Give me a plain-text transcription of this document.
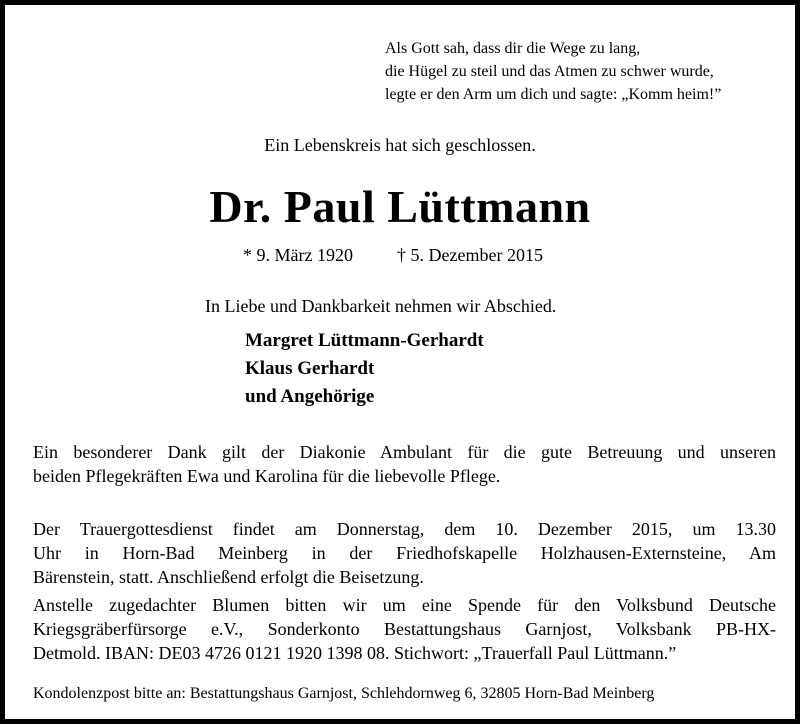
Als Gott sah, dass dir die Wege zu lang,
die Hügel zu steil und das Atmen zu schwer wurde,
legte er den Arm um dich und sagte: „Komm heim!”
Ein Lebenskreis hat sich geschlossen.
Dr. Paul Lüttmann
* 9. März 1920 † 5. Dezember 2015
In Liebe und Dankbarkeit nehmen wir Abschied.
Margret Lüttmann-Gerhardt
Klaus Gerhardt
und Angehörige
Ein besonderer Dank gilt der Diakonie Ambulant für die gute Betreuung und unseren
beiden Pflegekräften Ewa und Karolina für die liebevolle Pflege.
Der Trauergottesdienst findet am Donnerstag, dem 10. Dezember 2015, um 13.30
Uhr in Horn-Bad Meinberg in der Friedhofskapelle Holzhausen-Externsteine, Am
Bärenstein, statt. Anschließend erfolgt die Beisetzung.
Anstelle zugedachter Blumen bitten wir um eine Spende für den Volksbund Deutsche
Kriegsgräberfürsorge e.V., Sonderkonto Bestattungshaus Garnjost, Volksbank PB-HX-
Detmold. IBAN: DE03 4726 0121 1920 1398 08. Stichwort: „Trauerfall Paul Lüttmann.”
Kondolenzpost bitte an: Bestattungshaus Garnjost, Schlehdornweg 6, 32805 Horn-Bad Meinberg
